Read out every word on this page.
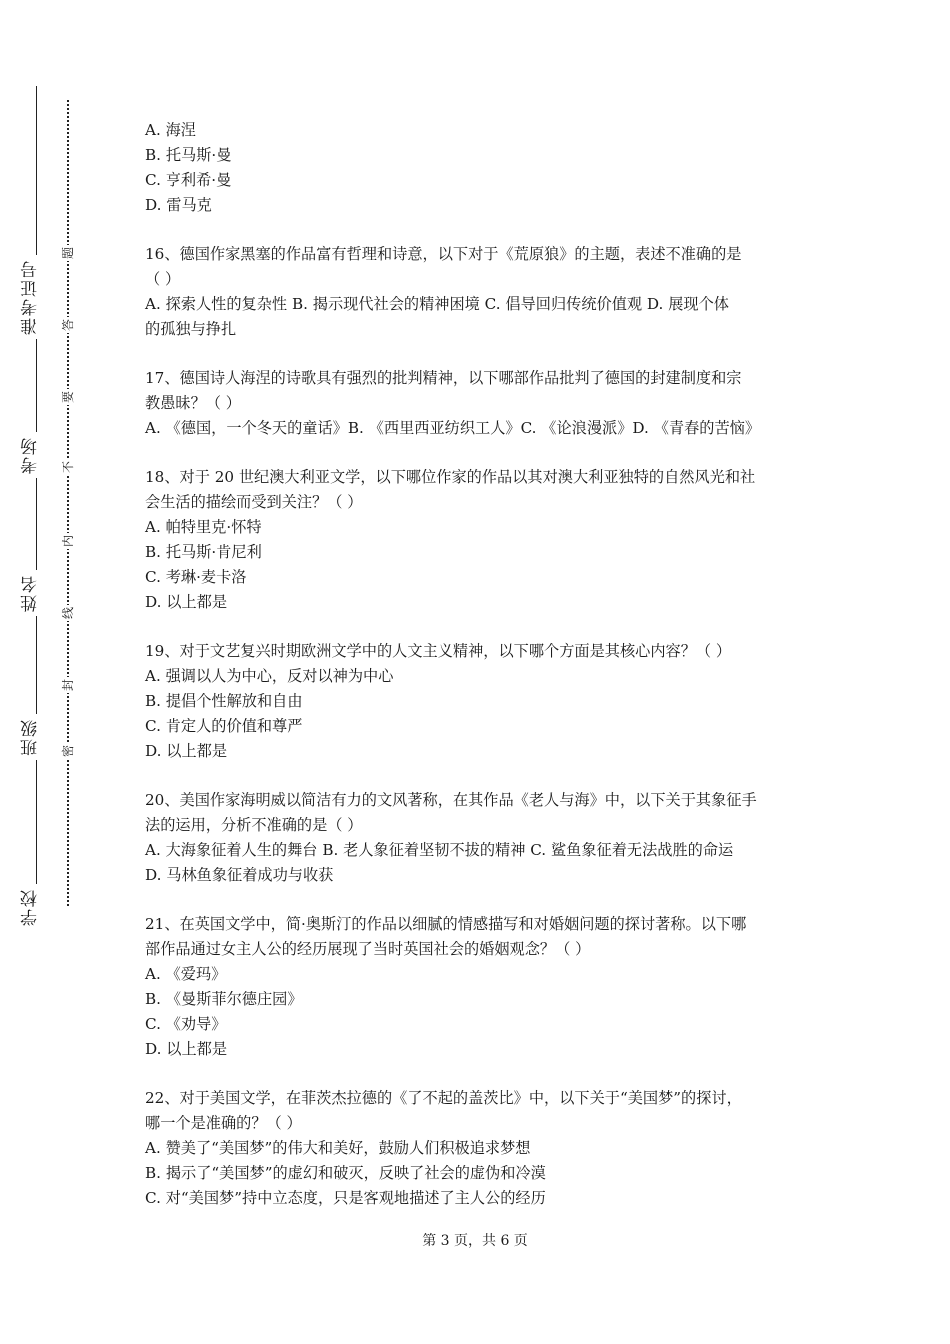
准考证号
考场
姓名
班级
学校
密
封
线
内
不
要
答
题
A. 海涅
B. 托马斯·曼
C. 亨利希·曼
D. 雷马克
16、德国作家黑塞的作品富有哲理和诗意，以下对于《荒原狼》的主题，表述不准确的是
（ ）
A. 探索人性的复杂性 B. 揭示现代社会的精神困境 C. 倡导回归传统价值观 D. 展现个体
的孤独与挣扎
17、德国诗人海涅的诗歌具有强烈的批判精神，以下哪部作品批判了德国的封建制度和宗
教愚昧？（ ）
A. 《德国，一个冬天的童话》B. 《西里西亚纺织工人》C. 《论浪漫派》D. 《青春的苦恼》
18、对于 20 世纪澳大利亚文学，以下哪位作家的作品以其对澳大利亚独特的自然风光和社
会生活的描绘而受到关注？（ ）
A. 帕特里克·怀特
B. 托马斯·肯尼利
C. 考琳·麦卡洛
D. 以上都是
19、对于文艺复兴时期欧洲文学中的人文主义精神，以下哪个方面是其核心内容？（ ）
A. 强调以人为中心，反对以神为中心
B. 提倡个性解放和自由
C. 肯定人的价值和尊严
D. 以上都是
20、美国作家海明威以简洁有力的文风著称，在其作品《老人与海》中，以下关于其象征手
法的运用，分析不准确的是（ ）
A. 大海象征着人生的舞台 B. 老人象征着坚韧不拔的精神 C. 鲨鱼象征着无法战胜的命运
D. 马林鱼象征着成功与收获
21、在英国文学中，简·奥斯汀的作品以细腻的情感描写和对婚姻问题的探讨著称。以下哪
部作品通过女主人公的经历展现了当时英国社会的婚姻观念？（ ）
A. 《爱玛》
B. 《曼斯菲尔德庄园》
C. 《劝导》
D. 以上都是
22、对于美国文学，在菲茨杰拉德的《了不起的盖茨比》中，以下关于“美国梦”的探讨，
哪一个是准确的？（ ）
A. 赞美了“美国梦”的伟大和美好，鼓励人们积极追求梦想
B. 揭示了“美国梦”的虚幻和破灭，反映了社会的虚伪和冷漠
C. 对“美国梦”持中立态度，只是客观地描述了主人公的经历
第 3 页，共 6 页
